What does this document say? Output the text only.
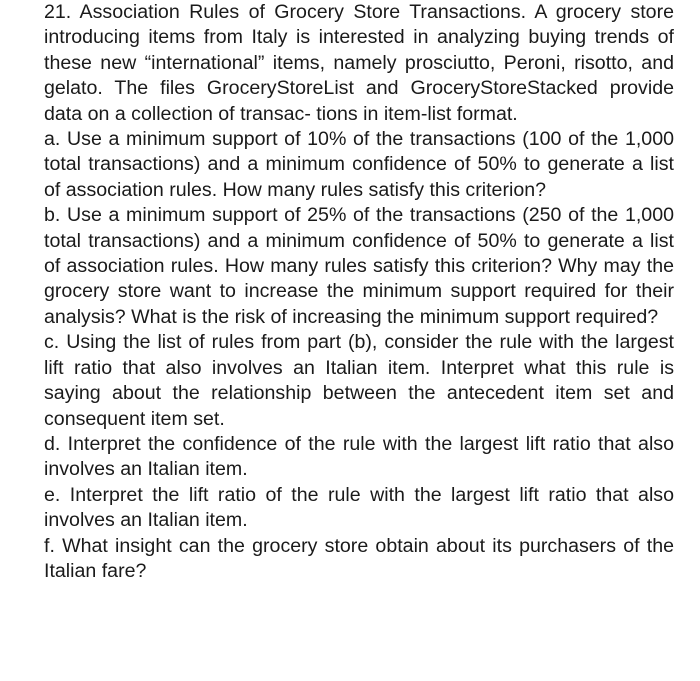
21. Association Rules of Grocery Store Transactions. A grocery store introducing items from Italy is interested in analyzing buying trends of these new “international” items, namely prosciutto, Peroni, risotto, and gelato. The files GroceryStoreList and GroceryStoreStacked provide data on a collection of transac- tions in item-list format.

a. Use a minimum support of 10% of the transactions (100 of the 1,000 total transactions) and a minimum confidence of 50% to generate a list of association rules. How many rules satisfy this criterion?

b. Use a minimum support of 25% of the transactions (250 of the 1,000 total transactions) and a minimum confidence of 50% to generate a list of association rules. How many rules satisfy this criterion? Why may the grocery store want to increase the minimum support required for their analysis? What is the risk of increasing the minimum support required?

c. Using the list of rules from part (b), consider the rule with the largest lift ratio that also involves an Italian item. Interpret what this rule is saying about the relationship between the antecedent item set and consequent item set.

d. Interpret the confidence of the rule with the largest lift ratio that also involves an Italian item.

e. Interpret the lift ratio of the rule with the largest lift ratio that also involves an Italian item.

f. What insight can the grocery store obtain about its purchasers of the Italian fare?
